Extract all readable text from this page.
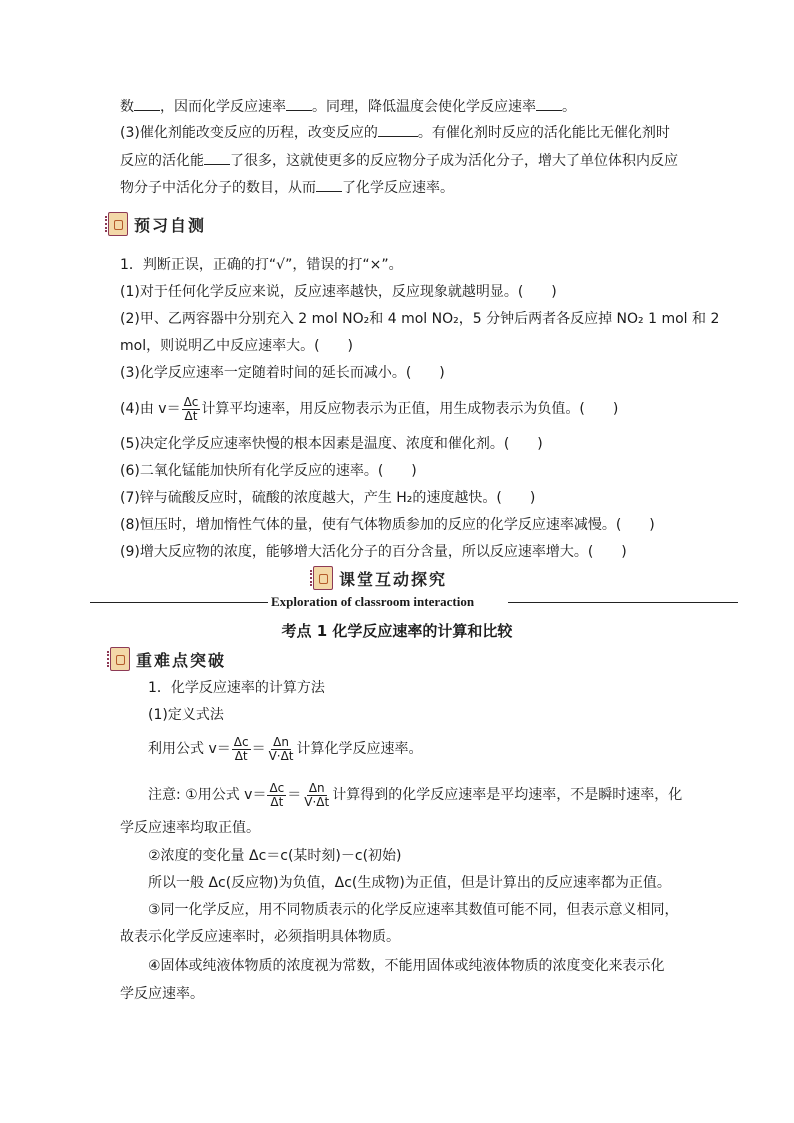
数 ，因而化学反应速率 。同理，降低温度会使化学反应速率 。
(3)催化剂能改变反应的历程，改变反应的	。有催化剂时反应的活化能比无催化剂时
反应的活化能 了很多，这就使更多的反应物分子成为活化分子，增大了单位体积内反应
物分子中活化分子的数目，从而 了化学反应速率。
预习自测
1．判断正误，正确的打“√”，错误的打“×”。
(1)对于任何化学反应来说，反应速率越快，反应现象就越明显。(　　)
(2)甲、乙两容器中分别充入 2 mol NO₂和 4 mol NO₂，5 分钟后两者各反应掉 NO₂ 1 mol 和 2
mol，则说明乙中反应速率大。(　　)
(3)化学反应速率一定随着时间的延长而减小。(　　)
(4)由 $v= \frac{\Delta c}{\Delta t}$ 计算平均速率，用反应物表示为正值，用生成物表示为负值。(　　)
(5)决定化学反应速率快慢的根本因素是温度、浓度和催化剂。(　　)
(6)二氧化锰能加快所有化学反应的速率。(　　)
(7)锌与硫酸反应时，硫酸的浓度越大，产生 H₂的速度越快。(　　)
(8)恒压时，增加惰性气体的量，使有气体物质参加的反应的化学反应速率减慢。(　　)
(9)增大反应物的浓度，能够增大活化分子的百分含量，所以反应速率增大。(　　)
课堂互动探究
Exploration of classroom interaction
考点 1 化学反应速率的计算和比较
重难点突破
1．化学反应速率的计算方法
(1)定义式法
利用公式 $v= \frac{\Delta c}{\Delta t} = \frac{\Delta n}{V\cdot\Delta t}$ 计算化学反应速率。
注意: ①用公式 $v= \frac{\Delta c}{\Delta t} = \frac{\Delta n}{V\cdot\Delta t}$ 计算得到的化学反应速率是平均速率，不是瞬时速率，化
学反应速率均取正值。
②浓度的变化量 Δc＝c(某时刻)－c(初始)
所以一般 Δc(反应物)为负值，Δc(生成物)为正值，但是计算出的反应速率都为正值。
③同一化学反应，用不同物质表示的化学反应速率其数值可能不同，但表示意义相同，
故表示化学反应速率时，必须指明具体物质。
④固体或纯液体物质的浓度视为常数，不能用固体或纯液体物质的浓度变化来表示化
学反应速率。
